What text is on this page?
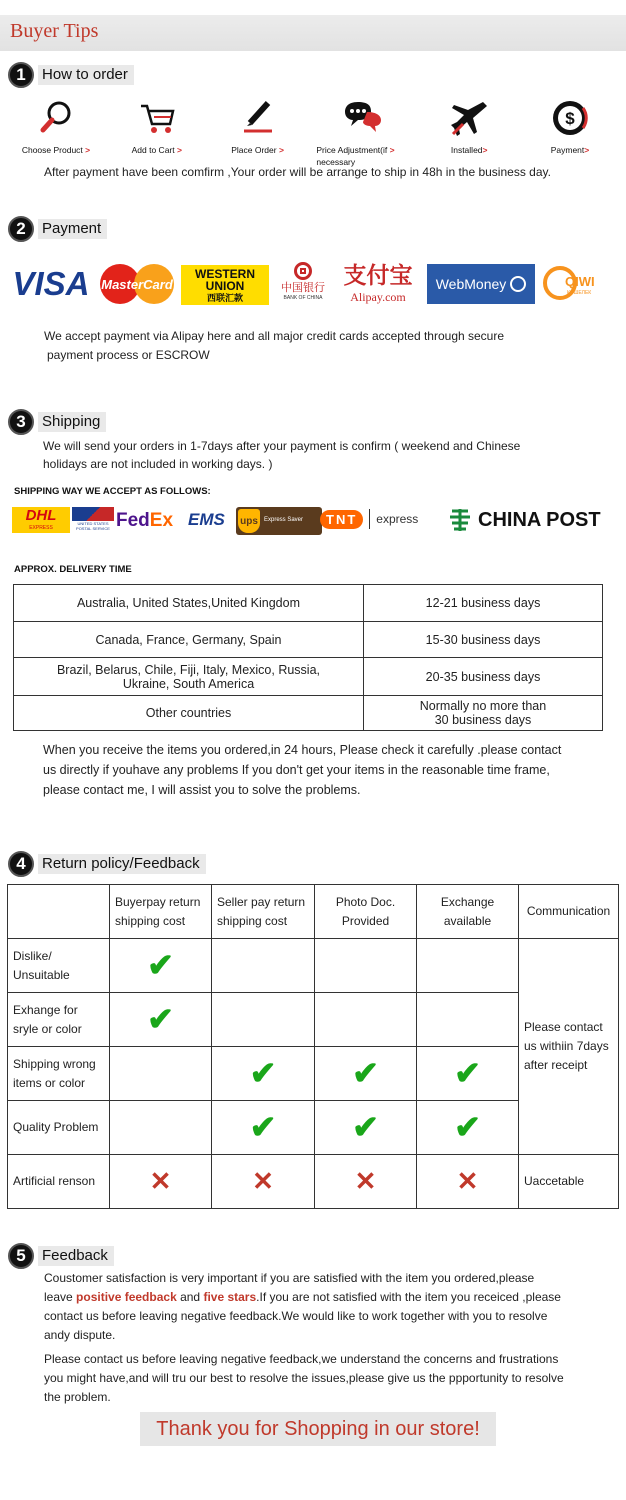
Buyer Tips
1	How to order
Choose Product >	Add to Cart >	Place Order >	Price Adjustment(if >
necessary
Installed>
$
Payment>
After payment have been comfirm ,Your order will be arrange to ship in 48h in the business day.
2	Payment
VISA MasterCard
WESTERN
UNION
西联汇款
中国银行
BANK OF CHINA
支付宝
Alipay.com
WebMoney	QIWI
КОШЕЛЕК
We accept payment via Alipay here and all major credit cards accepted through secure
payment process or ESCROW
3	Shipping
We will send your orders in 1-7days after your payment is confirm ( weekend and Chinese
holidays are not included in working days. )
SHIPPING WAY WE ACCEPT AS FOLLOWS:
DHL
EXPRESS
UNITED STATES
POSTAL SERVICE FedEx EMS ups	Express Saver	TNT	express	CHINA POST
APPROX. DELIVERY TIME
Australia, United States,United Kingdom	12-21 business days
Canada, France, Germany, Spain	15-30 business days
Brazil, Belarus, Chile, Fiji, Italy, Mexico, Russia,
Ukraine, South America	20-35 business days
Other countries	Normally no more than
30 business days
When you receive the items you ordered,in 24 hours, Please check it carefully .please contact
us directly if youhave any problems If you don't get your items in the reasonable time frame,
please contact me, I will assist you to solve the problems.
4	Return policy/Feedback
	Buyerpay return
shipping cost	Seller pay return
shipping cost	Photo Doc.
Provided	Exchange
available	Communication
Dislike/
Unsuitable	✔				Please contact
us withiin 7days
after receipt
Exhange for
sryle or color	✔				
Shipping wrong
items or color		✔	✔	✔	
Quality Problem		✔	✔	✔	
Artificial renson	✕	✕	✕	✕	Uaccetable
5	Feedback
Coustomer satisfaction is very important if you are satisfied with the item you ordered,please
leave positive feedback and five stars.If you are not satisfied with the item you receiced ,please
contact us before leaving negative feedback.We would like to work together with you to resolve
andy dispute.
Please contact us before leaving negative feedback,we understand the concerns and frustrations
you might have,and will tru our best to resolve the issues,please give us the ppportunity to resolve
the problem.
Thank you for Shopping in our store!
